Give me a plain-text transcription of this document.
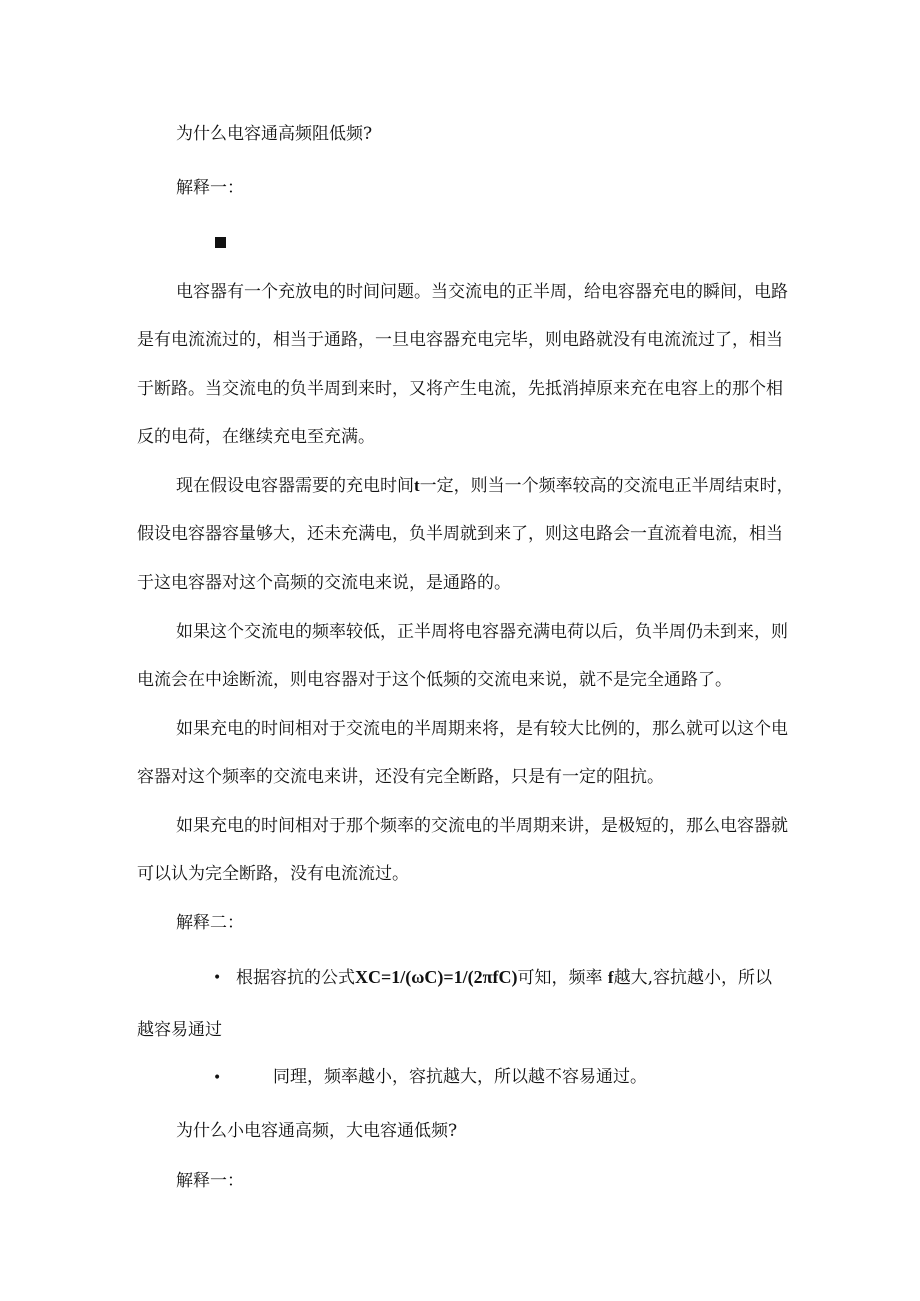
为什么电容通高频阻低频?
解释一：
电容器有一个充放电的时间问题。当交流电的正半周，给电容器充电的瞬间，电路
是有电流流过的，相当于通路，一旦电容器充电完毕，则电路就没有电流流过了，相当
于断路。当交流电的负半周到来时，又将产生电流，先抵消掉原来充在电容上的那个相
反的电荷，在继续充电至充满。
现在假设电容器需要的充电时间t一定，则当一个频率较高的交流电正半周结束时，
假设电容器容量够大，还未充满电，负半周就到来了，则这电路会一直流着电流，相当
于这电容器对这个高频的交流电来说，是通路的。
如果这个交流电的频率较低，正半周将电容器充满电荷以后，负半周仍未到来，则
电流会在中途断流，则电容器对于这个低频的交流电来说，就不是完全通路了。
如果充电的时间相对于交流电的半周期来将，是有较大比例的，那么就可以这个电
容器对这个频率的交流电来讲，还没有完全断路，只是有一定的阻抗。
如果充电的时间相对于那个频率的交流电的半周期来讲，是极短的，那么电容器就
可以认为完全断路，没有电流流过。
解释二：
• 根据容抗的公式XC=1/(ωC)=1/(2πfC)可知，频率 f越大,容抗越小，所以
越容易通过
•	同理，频率越小，容抗越大，所以越不容易通过。
为什么小电容通高频，大电容通低频?
解释一：
